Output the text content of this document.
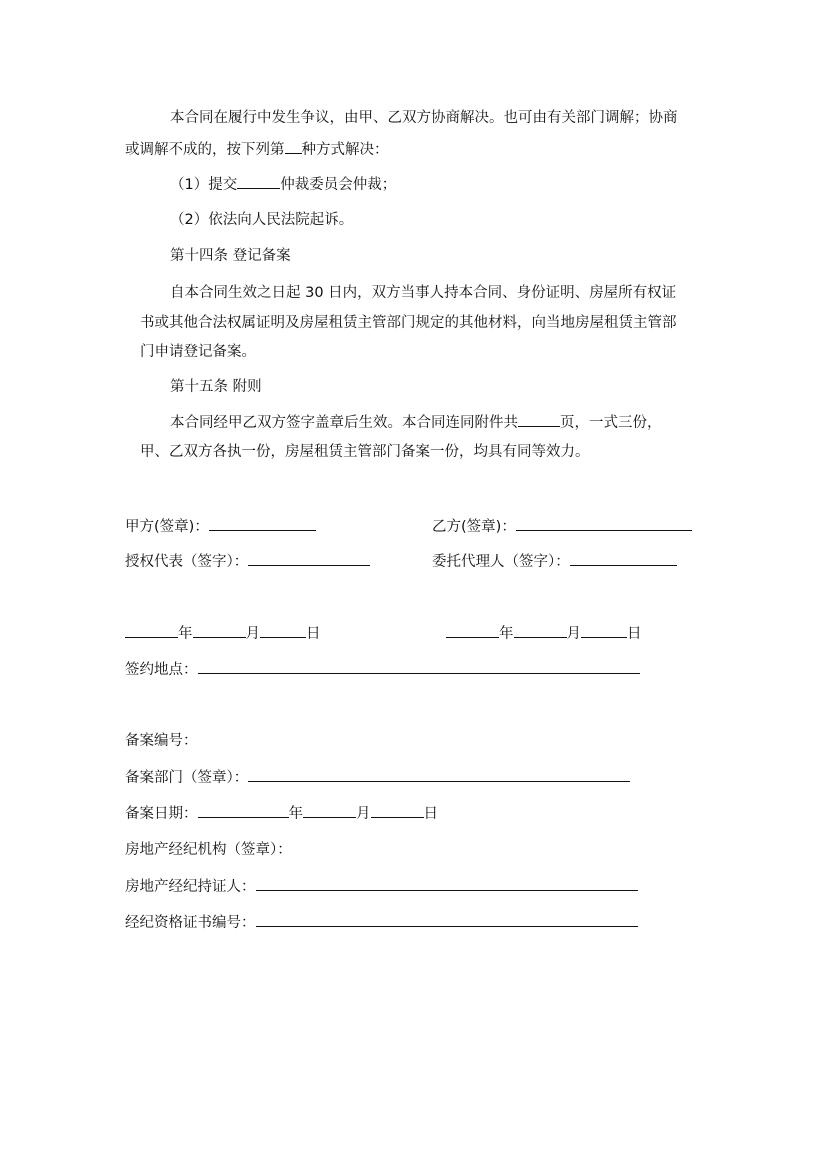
本合同在履行中发生争议，由甲、乙双方协商解决。也可由有关部门调解；协商
或调解不成的，按下列第 种方式解决：
（1）提交	仲裁委员会仲裁；
（2）依法向人民法院起诉。
第十四条 登记备案
自本合同生效之日起 30 日内，双方当事人持本合同、身份证明、房屋所有权证
书或其他合法权属证明及房屋租赁主管部门规定的其他材料，向当地房屋租赁主管部
门申请登记备案。
第十五条 附则
本合同经甲乙双方签字盖章后生效。本合同连同附件共	页，一式三份，
甲、乙双方各执一份，房屋租赁主管部门备案一份，均具有同等效力。
甲方(签章)：	乙方(签章)：
授权代表（签字）：	委托代理人（签字）：
年	月	日	年	月	日
签约地点：
备案编号：
备案部门（签章）：
备案日期：	年	月	日
房地产经纪机构（签章）：
房地产经纪持证人：
经纪资格证书编号：
